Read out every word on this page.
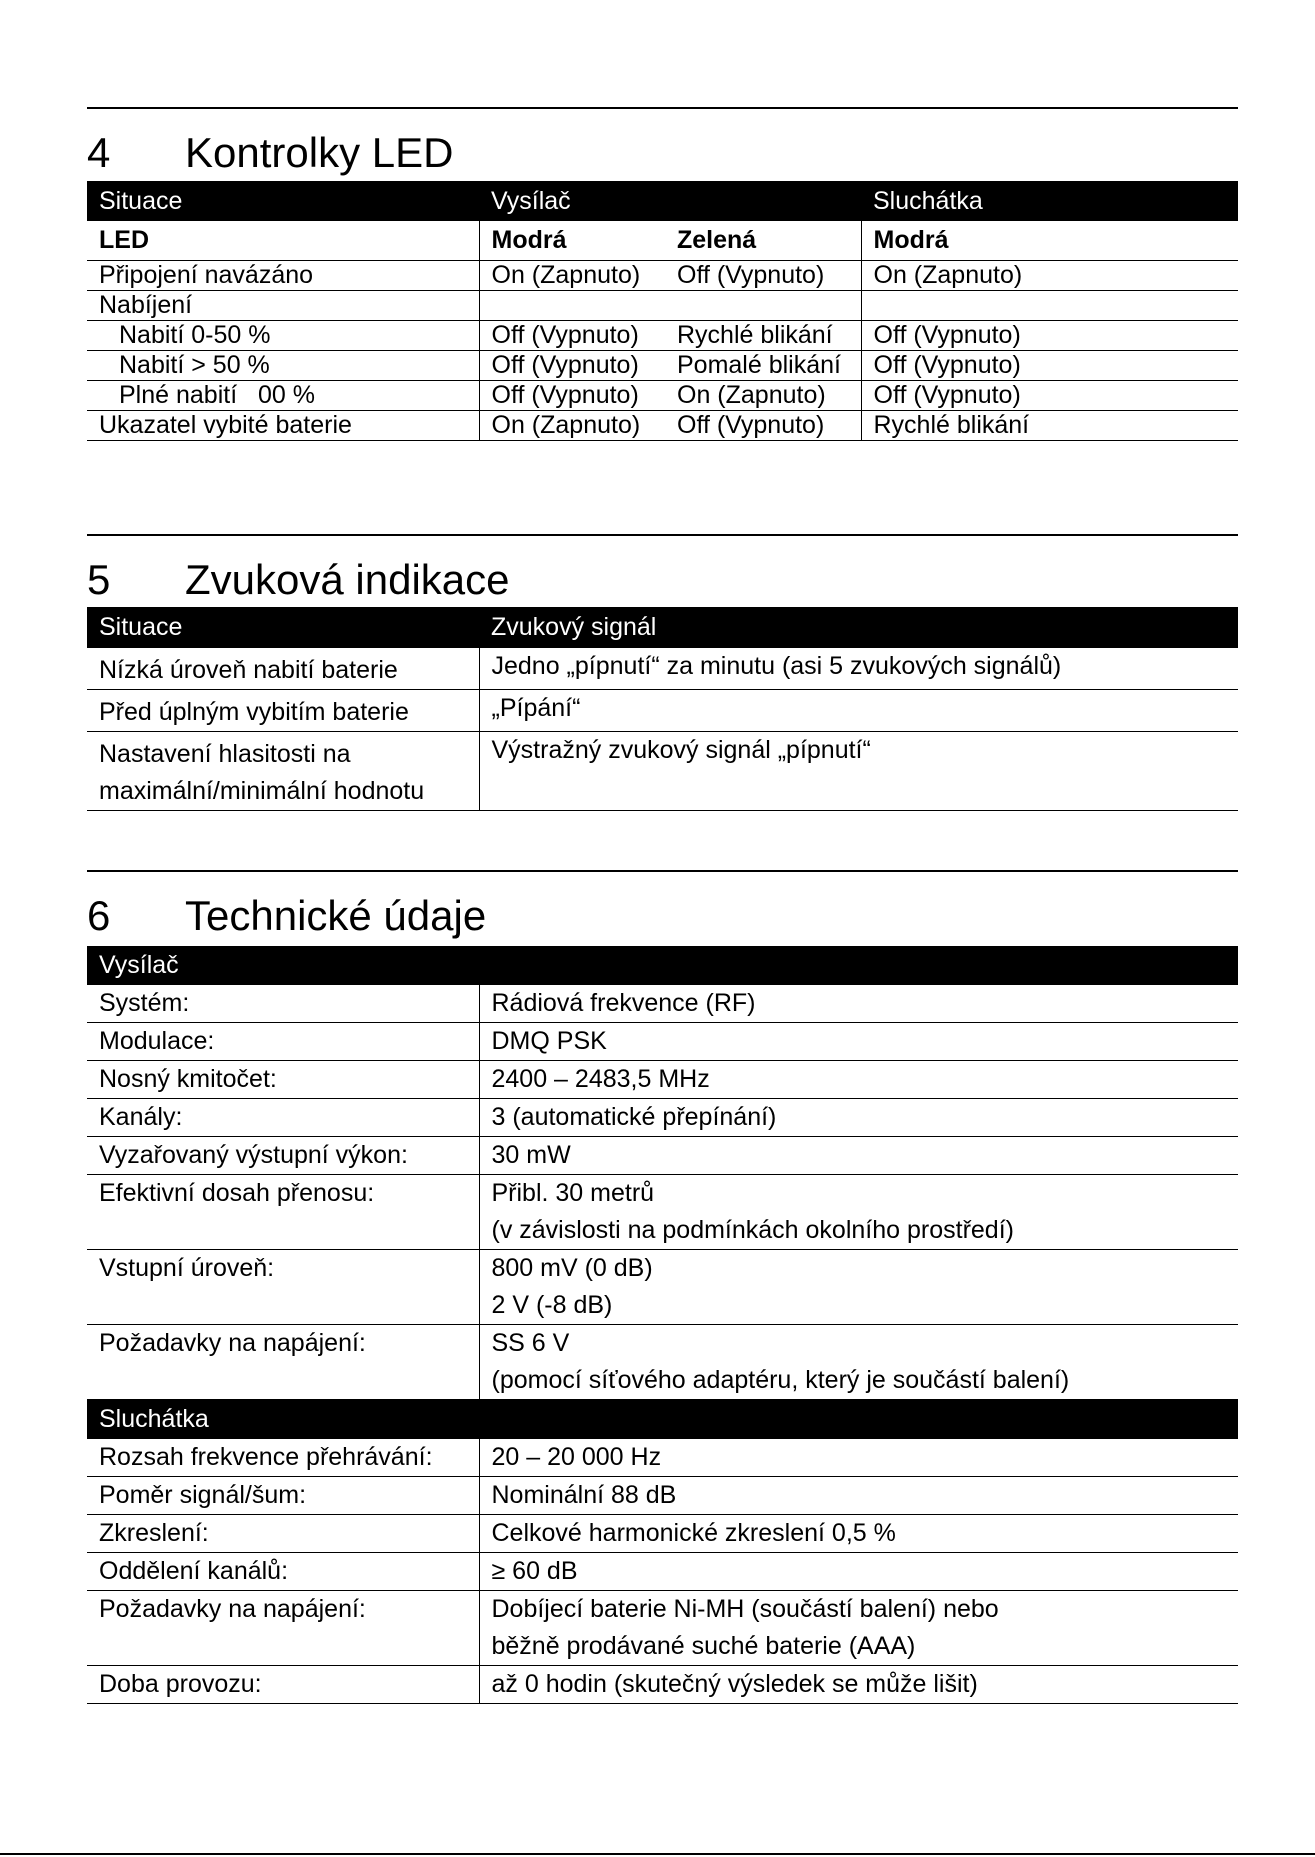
4 Kontrolky LED
Situace	Vysílač		Sluchátka
LED	Modrá	Zelená	Modrá
Připojení navázáno	On (Zapnuto)	Off (Vypnuto)	On (Zapnuto)
Nabíjení			
Nabití 0-50 %	Off (Vypnuto)	Rychlé blikání	Off (Vypnuto)
Nabití > 50 %	Off (Vypnuto)	Pomalé blikání	Off (Vypnuto)
Plné nabití   00 %	Off (Vypnuto)	On (Zapnuto)	Off (Vypnuto)
Ukazatel vybité baterie	On (Zapnuto)	Off (Vypnuto)	Rychlé blikání
5 Zvuková indikace
Situace	Zvukový signál

Nízká úroveň nabití baterie	Jedno „pípnutí“ za minutu (asi 5 zvukových signálů)

Před úplným vybitím baterie	„Pípání“

Nastavení hlasitosti na
maximální/minimální hodnotu	Výstražný zvukový signál „pípnutí“
6 Technické údaje
Vysílač	
Systém:	Rádiová frekvence (RF)

Modulace:	DMQ PSK

Nosný kmitočet:	2400 – 2483,5 MHz

Kanály:	3 (automatické přepínání)

Vyzařovaný výstupní výkon:	30 mW

Efektivní dosah přenosu:	Přibl. 30 metrů
(v závislosti na podmínkách okolního prostředí)

Vstupní úroveň:	800 mV (0 dB)
2 V (-8 dB)

Požadavky na napájení:	SS 6 V
(pomocí síťového adaptéru, který je součástí balení)

Sluchátka	
Rozsah frekvence přehrávání:	20 – 20 000 Hz

Poměr signál/šum:	Nominální 88 dB

Zkreslení:	Celkové harmonické zkreslení 0,5 %

Oddělení kanálů:	≥ 60 dB

Požadavky na napájení:	Dobíjecí baterie Ni-MH (součástí balení) nebo
běžně prodávané suché baterie (AAA)

Doba provozu:	až 0 hodin (skutečný výsledek se může lišit)
